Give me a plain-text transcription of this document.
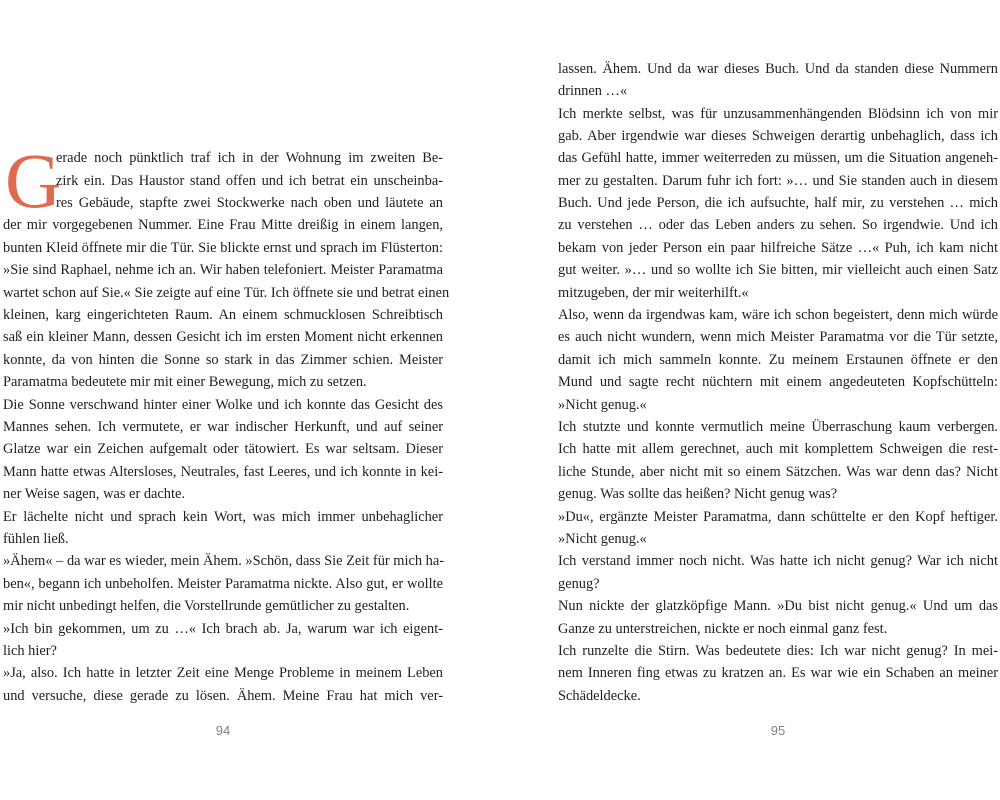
G
erade noch pünktlich traf ich in der Wohnung im zweiten Be-
zirk ein. Das Haustor stand offen und ich betrat ein unscheinba-
res Gebäude, stapfte zwei Stockwerke nach oben und läutete an
der mir vorgegebenen Nummer. Eine Frau Mitte dreißig in einem langen,
bunten Kleid öffnete mir die Tür. Sie blickte ernst und sprach im Flüsterton:
»Sie sind Raphael, nehme ich an. Wir haben telefoniert. Meister Paramatma
wartet schon auf Sie.« Sie zeigte auf eine Tür. Ich öffnete sie und betrat einen
kleinen, karg eingerichteten Raum. An einem schmucklosen Schreibtisch
saß ein kleiner Mann, dessen Gesicht ich im ersten Moment nicht erkennen
konnte, da von hinten die Sonne so stark in das Zimmer schien. Meister
Paramatma bedeutete mir mit einer Bewegung, mich zu setzen.
Die Sonne verschwand hinter einer Wolke und ich konnte das Gesicht des
Mannes sehen. Ich vermutete, er war indischer Herkunft, und auf seiner
Glatze war ein Zeichen aufgemalt oder tätowiert. Es war seltsam. Dieser
Mann hatte etwas Altersloses, Neutrales, fast Leeres, und ich konnte in kei-
ner Weise sagen, was er dachte.
Er lächelte nicht und sprach kein Wort, was mich immer unbehaglicher
fühlen ließ.
»Ähem« – da war es wieder, mein Ähem. »Schön, dass Sie Zeit für mich ha-
ben«, begann ich unbeholfen. Meister Paramatma nickte. Also gut, er wollte
mir nicht unbedingt helfen, die Vorstellrunde gemütlicher zu gestalten.
»Ich bin gekommen, um zu …« Ich brach ab. Ja, warum war ich eigent-
lich hier?
»Ja, also. Ich hatte in letzter Zeit eine Menge Probleme in meinem Leben
und versuche, diese gerade zu lösen. Ähem. Meine Frau hat mich ver-
94
lassen. Ähem. Und da war dieses Buch. Und da standen diese Nummern
drinnen …«
Ich merkte selbst, was für unzusammenhängenden Blödsinn ich von mir
gab. Aber irgendwie war dieses Schweigen derartig unbehaglich, dass ich
das Gefühl hatte, immer weiterreden zu müssen, um die Situation angeneh-
mer zu gestalten. Darum fuhr ich fort: »… und Sie standen auch in diesem
Buch. Und jede Person, die ich aufsuchte, half mir, zu verstehen … mich
zu verstehen … oder das Leben anders zu sehen. So irgendwie. Und ich
bekam von jeder Person ein paar hilfreiche Sätze …« Puh, ich kam nicht
gut weiter. »… und so wollte ich Sie bitten, mir vielleicht auch einen Satz
mitzugeben, der mir weiterhilft.«
Also, wenn da irgendwas kam, wäre ich schon begeistert, denn mich würde
es auch nicht wundern, wenn mich Meister Paramatma vor die Tür setzte,
damit ich mich sammeln konnte. Zu meinem Erstaunen öffnete er den
Mund und sagte recht nüchtern mit einem angedeuteten Kopfschütteln:
»Nicht genug.«
Ich stutzte und konnte vermutlich meine Überraschung kaum verbergen.
Ich hatte mit allem gerechnet, auch mit komplettem Schweigen die rest-
liche Stunde, aber nicht mit so einem Sätzchen. Was war denn das? Nicht
genug. Was sollte das heißen? Nicht genug was?
»Du«, ergänzte Meister Paramatma, dann schüttelte er den Kopf heftiger.
»Nicht genug.«
Ich verstand immer noch nicht. Was hatte ich nicht genug? War ich nicht
genug?
Nun nickte der glatzköpfige Mann. »Du bist nicht genug.« Und um das
Ganze zu unterstreichen, nickte er noch einmal ganz fest.
Ich runzelte die Stirn. Was bedeutete dies: Ich war nicht genug? In mei-
nem Inneren fing etwas zu kratzen an. Es war wie ein Schaben an meiner
Schädeldecke.
95
